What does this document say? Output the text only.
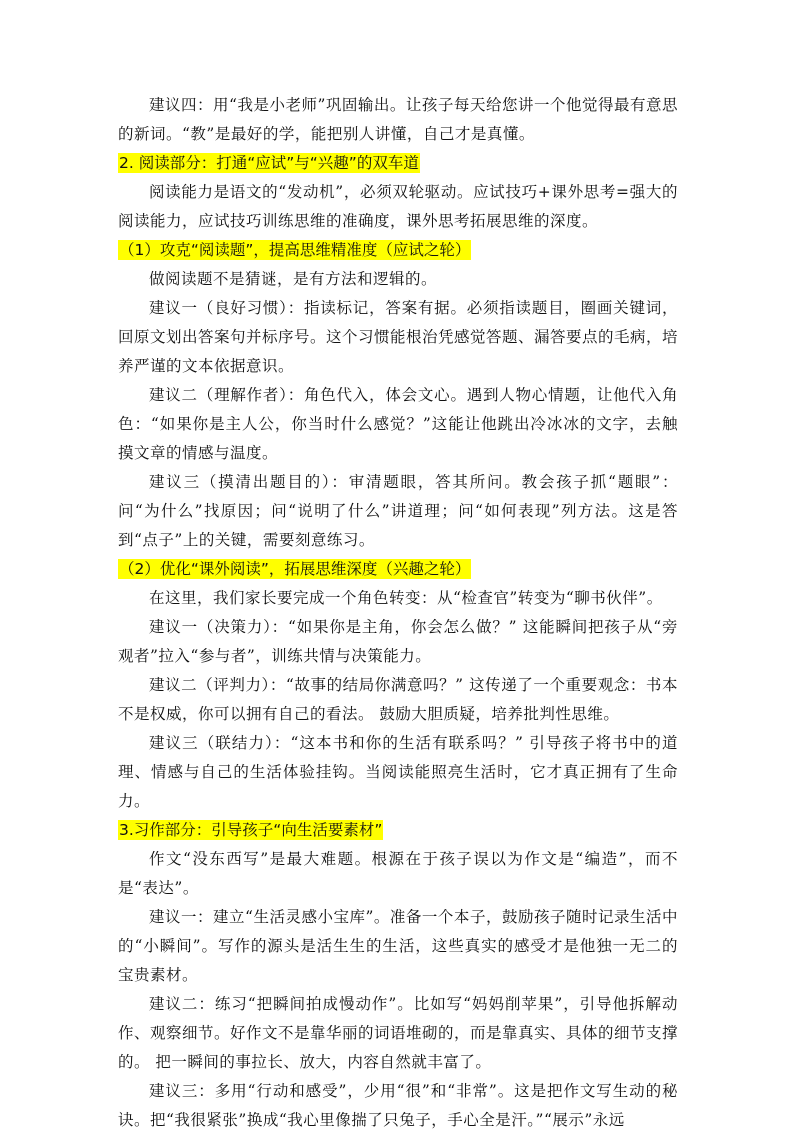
建议四：用“我是小老师”巩固输出。让孩子每天给您讲一个他觉得最有意思的新词。“教”是最好的学，能把别人讲懂，自己才是真懂。

2. 阅读部分：打通“应试”与“兴趣”的双车道

阅读能力是语文的“发动机”，必须双轮驱动。应试技巧+课外思考=强大的阅读能力，应试技巧训练思维的准确度，课外思考拓展思维的深度。

（1）攻克“阅读题”，提高思维精准度（应试之轮）

做阅读题不是猜谜，是有方法和逻辑的。

建议一（良好习惯）：指读标记，答案有据。必须指读题目，圈画关键词，回原文划出答案句并标序号。这个习惯能根治凭感觉答题、漏答要点的毛病，培养严谨的文本依据意识。

建议二（理解作者）：角色代入，体会文心。遇到人物心情题，让他代入角色：“如果你是主人公，你当时什么感觉？”这能让他跳出冷冰冰的文字，去触摸文章的情感与温度。

建议三（摸清出题目的）：审清题眼，答其所问。教会孩子抓“题眼”：问“为什么”找原因；问“说明了什么”讲道理；问“如何表现”列方法。这是答到“点子”上的关键，需要刻意练习。

（2）优化“课外阅读”，拓展思维深度（兴趣之轮）

在这里，我们家长要完成一个角色转变：从“检查官”转变为“聊书伙伴”。

建议一（决策力）：“如果你是主角，你会怎么做？” 这能瞬间把孩子从“旁观者”拉入“参与者”，训练共情与决策能力。

建议二（评判力）：“故事的结局你满意吗？” 这传递了一个重要观念：书本不是权威，你可以拥有自己的看法。 鼓励大胆质疑，培养批判性思维。

建议三（联结力）：“这本书和你的生活有联系吗？” 引导孩子将书中的道理、情感与自己的生活体验挂钩。当阅读能照亮生活时，它才真正拥有了生命力。

3.习作部分：引导孩子“向生活要素材”

作文“没东西写”是最大难题。根源在于孩子误以为作文是“编造”，而不是“表达”。

建议一：建立“生活灵感小宝库”。准备一个本子，鼓励孩子随时记录生活中的“小瞬间”。写作的源头是活生生的生活，这些真实的感受才是他独一无二的宝贵素材。

建议二：练习“把瞬间拍成慢动作”。比如写“妈妈削苹果”，引导他拆解动作、观察细节。好作文不是靠华丽的词语堆砌的，而是靠真实、具体的细节支撑的。 把一瞬间的事拉长、放大，内容自然就丰富了。

建议三：多用“行动和感受”，少用“很”和“非常”。这是把作文写生动的秘诀。把“我很紧张”换成“我心里像揣了只兔子，手心全是汗。”“展示”永远
